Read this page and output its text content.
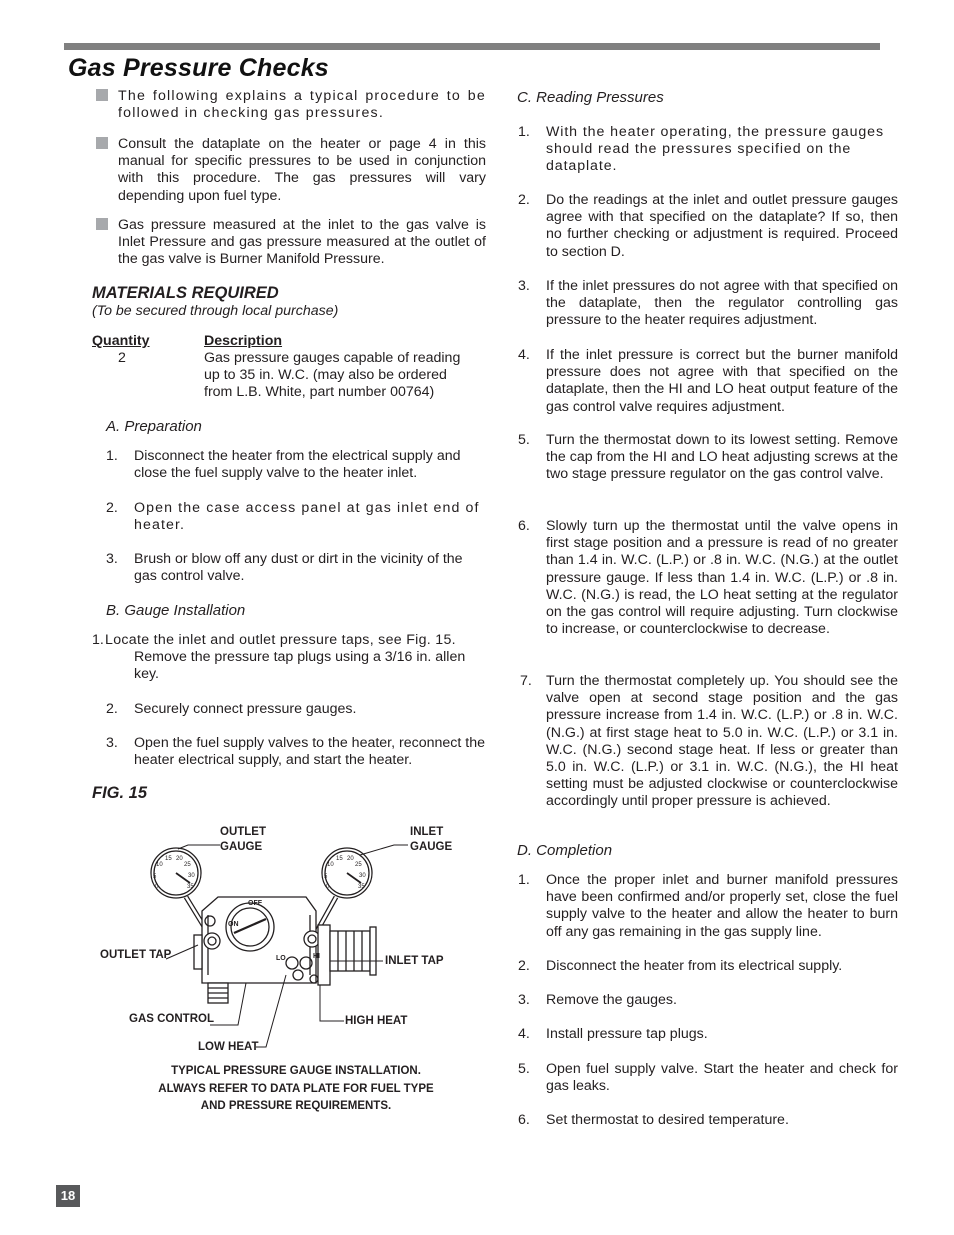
Gas Pressure Checks

The following explains a typical procedure to be followed in checking gas pressures.

Consult the dataplate on the heater or page 4 in this manual for specific pressures to be used in conjunction with this procedure. The gas pressures will vary depending upon fuel type.

Gas pressure measured at the inlet to the gas valve is Inlet Pressure and gas pressure measured at the outlet of the gas valve is Burner Manifold Pressure.

MATERIALS REQUIRED
(To be secured through local purchase)
Quantity	Description
2	Gas pressure gauges capable of reading up to 35 in. W.C. (may also be ordered from L.B. White, part number 00764)

A. Preparation
1.	Disconnect the heater from the electrical supply and close the fuel supply valve to the heater inlet.

2.	Open the case access panel at gas inlet end of heater.

3.	Brush or blow off any dust or dirt in the vicinity of the gas control valve.

B. Gauge Installation
1. Locate the inlet and outlet pressure taps, see Fig. 15.

Remove the pressure tap plugs using a 3/16 in. allen key.

2.	Securely connect pressure gauges.

3.	Open the fuel supply valves to the heater, reconnect the heater electrical supply, and start the heater.

FIG. 15
OUTLET
GAUGE
INLET
GAUGE
OUTLET TAP	INLET TAP
GAS CONTROL	HIGH HEAT
LOW HEAT
OFF
ON
LO	HI
0
5
10
15 20
25
30
35	0
5
10
15 20
25
30
35
TYPICAL PRESSURE GAUGE INSTALLATION. ALWAYS REFER TO DATA PLATE FOR FUEL TYPE AND PRESSURE REQUIREMENTS.
C. Reading Pressures
1.	With the heater operating, the pressure gauges should read the pressures specified on the dataplate.

2.	Do the readings at the inlet and outlet pressure gauges agree with that specified on the dataplate? If so, then no further checking or adjustment is required. Proceed to section D.

3.	If the inlet pressures do not agree with that specified on the dataplate, then the regulator controlling gas pressure to the heater requires adjustment.

4.	If the inlet pressure is correct but the burner manifold pressure does not agree with that specified on the dataplate, then the HI and LO heat output feature of the gas control valve requires adjustment.

5.	Turn the thermostat down to its lowest setting. Remove the cap from the HI and LO heat adjusting screws at the two stage pressure regulator on the gas control valve.

6.	Slowly turn up the thermostat until the valve opens in first stage position and a pressure is read of no greater than 1.4 in. W.C. (L.P.) or .8 in. W.C. (N.G.) at the outlet pressure gauge. If less than 1.4 in. W.C. (L.P.) or .8 in. W.C. (N.G.) is read, the LO heat setting at the regulator on the gas control will require adjusting. Turn clockwise to increase, or counterclockwise to decrease.

7. Turn the thermostat completely up. You should see the valve open at second stage position and the gas pressure increase from 1.4 in. W.C. (L.P.) or .8 in. W.C. (N.G.) at first stage heat to 5.0 in. W.C. (L.P.) or 3.1 in. W.C. (N.G.) second stage heat. If less or greater than 5.0 in. W.C. (L.P.) or 3.1 in. W.C. (N.G.), the HI heat setting must be adjusted clockwise or counterclockwise accordingly until proper pressure is achieved.

D. Completion
1.	Once the proper inlet and burner manifold pressures have been confirmed and/or properly set, close the fuel supply valve to the heater and allow the heater to burn off any gas remaining in the gas supply line.

2.	Disconnect the heater from its electrical supply.

3.	Remove the gauges.

4.	Install pressure tap plugs.

5.	Open fuel supply valve. Start the heater and check for gas leaks.

6.	Set thermostat to desired temperature.

18
